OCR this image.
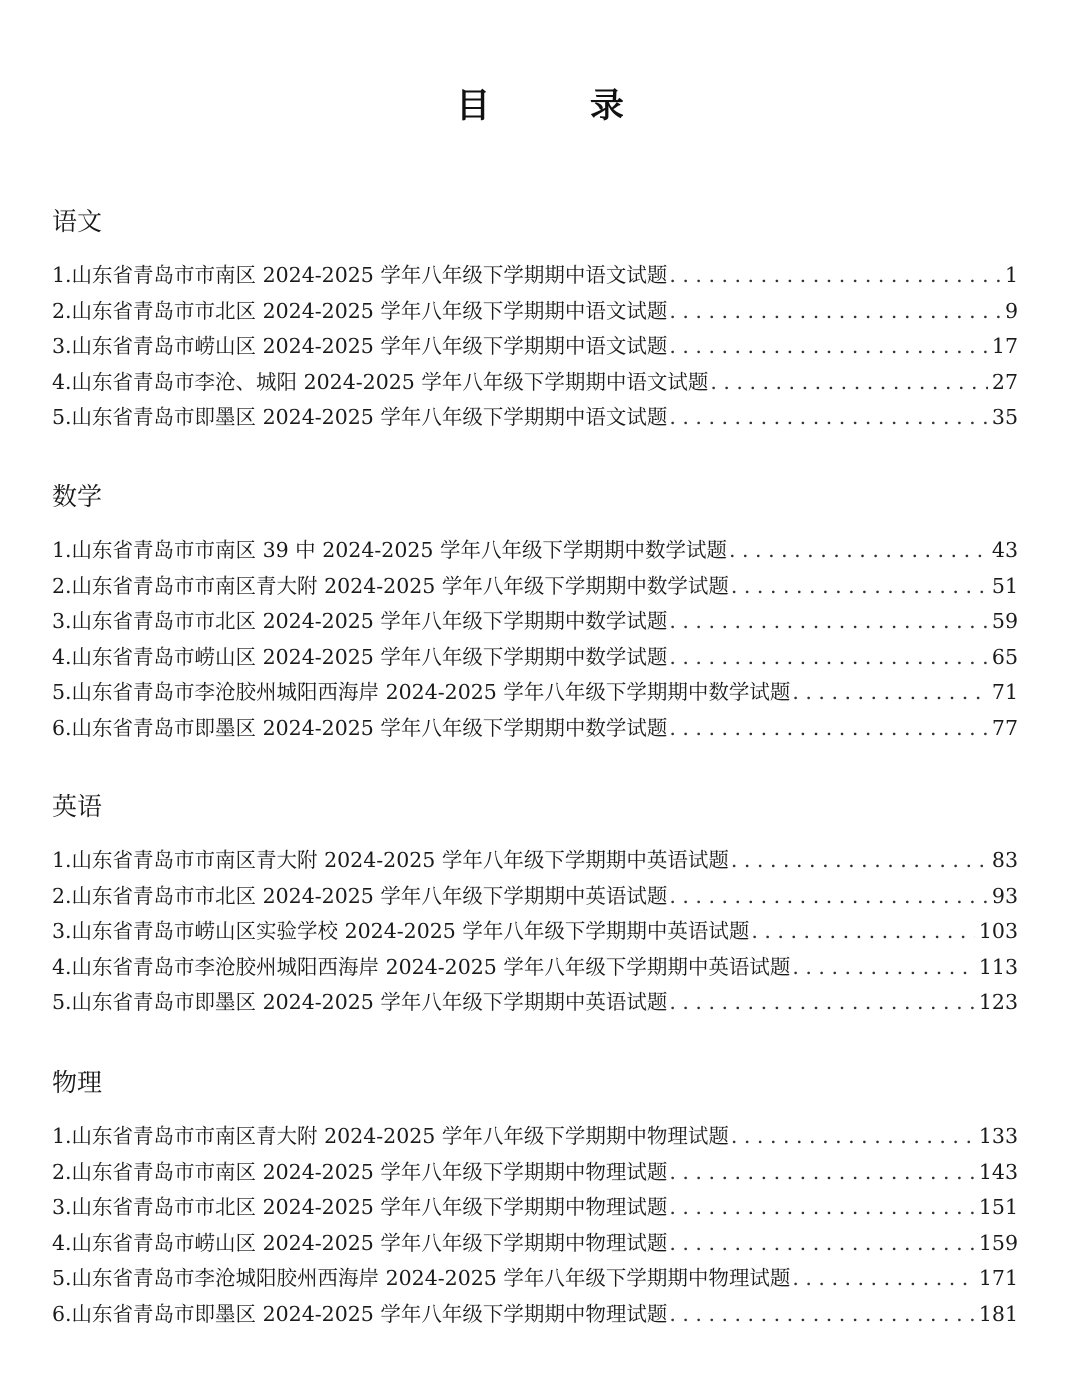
目 录
语文
1.山东省青岛市市南区 2024-2025 学年八年级下学期期中语文试题 . . .	1
2.山东省青岛市市北区 2024-2025 学年八年级下学期期中语文试题 . . .	9
3.山东省青岛市崂山区 2024-2025 学年八年级下学期期中语文试题 . . .	17
4.山东省青岛市李沧、城阳 2024-2025 学年八年级下学期期中语文试题 . . .	27
5.山东省青岛市即墨区 2024-2025 学年八年级下学期期中语文试题 . . .	35
数学
1.山东省青岛市市南区 39 中 2024-2025 学年八年级下学期期中数学试题 . . .	43
2.山东省青岛市市南区青大附 2024-2025 学年八年级下学期期中数学试题 . . .	51
3.山东省青岛市市北区 2024-2025 学年八年级下学期期中数学试题 . . .	59
4.山东省青岛市崂山区 2024-2025 学年八年级下学期期中数学试题 . . .	65
5.山东省青岛市李沧胶州城阳西海岸 2024-2025 学年八年级下学期期中数学试题 . . .	71
6.山东省青岛市即墨区 2024-2025 学年八年级下学期期中数学试题 . . .	77
英语
1.山东省青岛市市南区青大附 2024-2025 学年八年级下学期期中英语试题 . . .	83
2.山东省青岛市市北区 2024-2025 学年八年级下学期期中英语试题 . . .	93
3.山东省青岛市崂山区实验学校 2024-2025 学年八年级下学期期中英语试题 . . .	103
4.山东省青岛市李沧胶州城阳西海岸 2024-2025 学年八年级下学期期中英语试题 . . .	113
5.山东省青岛市即墨区 2024-2025 学年八年级下学期期中英语试题 . . .	123
物理
1.山东省青岛市市南区青大附 2024-2025 学年八年级下学期期中物理试题 . . .	133
2.山东省青岛市市南区 2024-2025 学年八年级下学期期中物理试题 . . .	143
3.山东省青岛市市北区 2024-2025 学年八年级下学期期中物理试题 . . .	151
4.山东省青岛市崂山区 2024-2025 学年八年级下学期期中物理试题 . . .	159
5.山东省青岛市李沧城阳胶州西海岸 2024-2025 学年八年级下学期期中物理试题 . . .	171
6.山东省青岛市即墨区 2024-2025 学年八年级下学期期中物理试题 . . .	181
